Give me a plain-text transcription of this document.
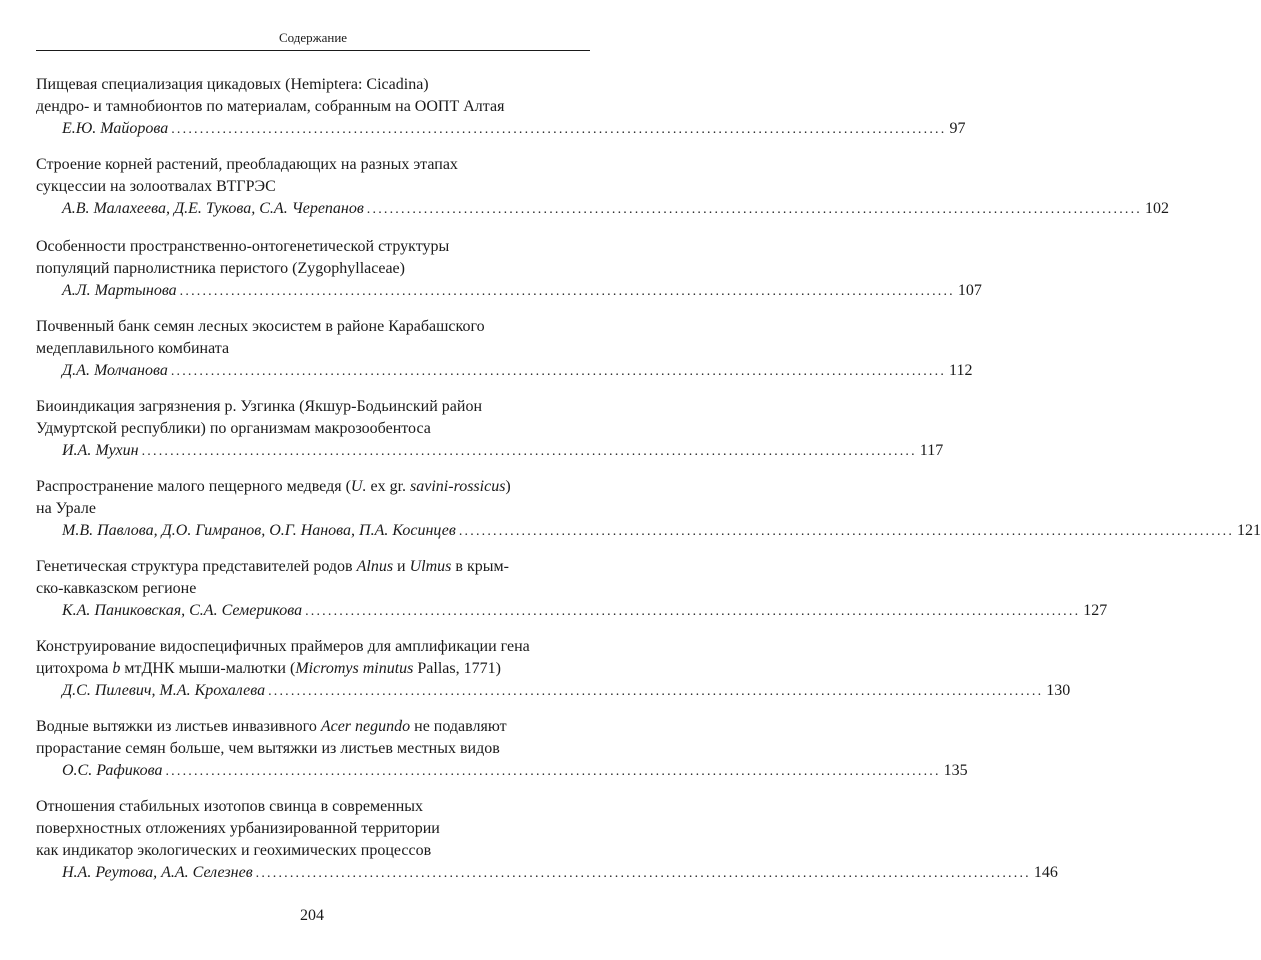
Содержание
Пищевая специализация цикадовых (Hemiptera: Cicadina)
дендро- и тамнобионтов по материалам, собранным на ООПТ Алтая
Е.Ю. Майорова ........................................................................................................................................ 97
Строение корней растений, преобладающих на разных этапах
сукцессии на золоотвалах ВТГРЭС
А.В. Малахеева, Д.Е. Тукова, С.А. Черепанов ........................................................................................................................................ 102
Особенности пространственно-онтогенетической структуры
популяций парнолистника перистого (Zygophyllaceae)
А.Л. Мартынова ........................................................................................................................................ 107
Почвенный банк семян лесных экосистем в районе Карабашского
медеплавильного комбината
Д.А. Молчанова ........................................................................................................................................ 112
Биоиндикация загрязнения р. Узгинка (Якшур-Бодьинский район
Удмуртской республики) по организмам макрозообентоса
И.А. Мухин ........................................................................................................................................ 117
Распространение малого пещерного медведя (U. ex gr. savini-rossicus)
на Урале
М.В. Павлова, Д.О. Гимранов, О.Г. Нанова, П.А. Косинцев ........................................................................................................................................ 121
Генетическая структура представителей родов Alnus и Ulmus в крым-
ско-кавказском регионе
К.А. Паниковская, С.А. Семерикова ........................................................................................................................................ 127
Конструирование видоспецифичных праймеров для амплификации гена
цитохрома b мтДНК мыши-малютки (Micromys minutus Pallas, 1771)
Д.С. Пилевич, М.А. Крохалева ........................................................................................................................................ 130
Водные вытяжки из листьев инвазивного Acer negundo не подавляют
прорастание семян больше, чем вытяжки из листьев местных видов
О.С. Рафикова ........................................................................................................................................ 135
Отношения стабильных изотопов свинца в современных
поверхностных отложениях урбанизированной территории
как индикатор экологических и геохимических процессов
Н.А. Реутова, А.А. Селезнев ........................................................................................................................................ 146
204
